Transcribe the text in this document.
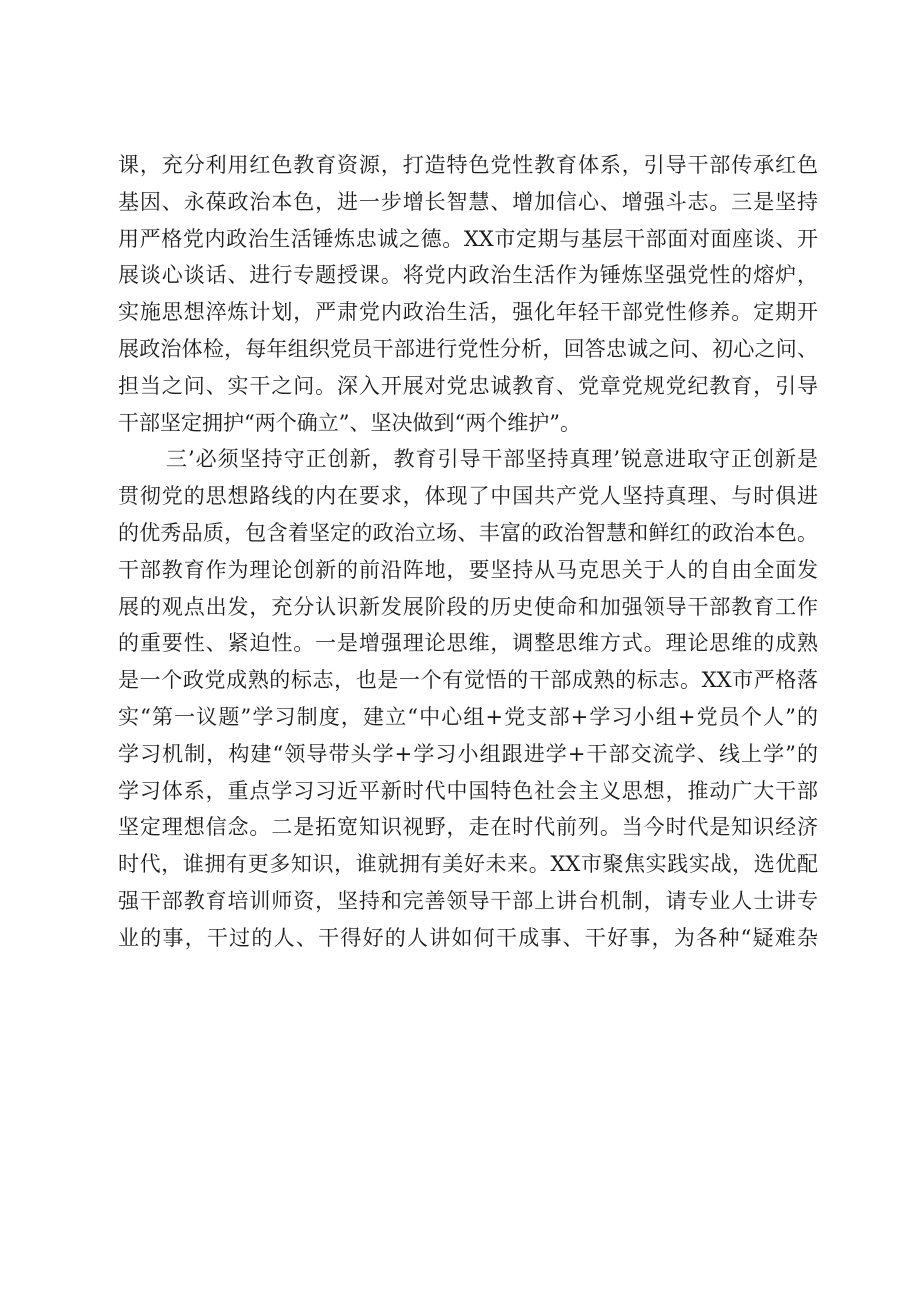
课，充分利用红色教育资源，打造特色党性教育体系，引导干部传承红色
基因、永葆政治本色，进一步增长智慧、增加信心、增强斗志。三是坚持
用严格党内政治生活锤炼忠诚之德。XX市定期与基层干部面对面座谈、开
展谈心谈话、进行专题授课。将党内政治生活作为锤炼坚强党性的熔炉，
实施思想淬炼计划，严肃党内政治生活，强化年轻干部党性修养。定期开
展政治体检，每年组织党员干部进行党性分析，回答忠诚之问、初心之问、
担当之问、实干之问。深入开展对党忠诚教育、党章党规党纪教育，引导
干部坚定拥护“两个确立”、坚决做到“两个维护”。
三’必须坚持守正创新，教育引导干部坚持真理’锐意进取守正创新是
贯彻党的思想路线的内在要求，体现了中国共产党人坚持真理、与时俱进
的优秀品质，包含着坚定的政治立场、丰富的政治智慧和鲜红的政治本色。
干部教育作为理论创新的前沿阵地，要坚持从马克思关于人的自由全面发
展的观点出发，充分认识新发展阶段的历史使命和加强领导干部教育工作
的重要性、紧迫性。一是增强理论思维，调整思维方式。理论思维的成熟
是一个政党成熟的标志，也是一个有觉悟的干部成熟的标志。XX市严格落
实“第一议题”学习制度，建立“中心组+党支部+学习小组+党员个人”的
学习机制，构建“领导带头学+学习小组跟进学+干部交流学、线上学”的
学习体系，重点学习习近平新时代中国特色社会主义思想，推动广大干部
坚定理想信念。二是拓宽知识视野，走在时代前列。当今时代是知识经济
时代，谁拥有更多知识，谁就拥有美好未来。XX市聚焦实践实战，选优配
强干部教育培训师资，坚持和完善领导干部上讲台机制，请专业人士讲专
业的事，干过的人、干得好的人讲如何干成事、干好事，为各种“疑难杂
